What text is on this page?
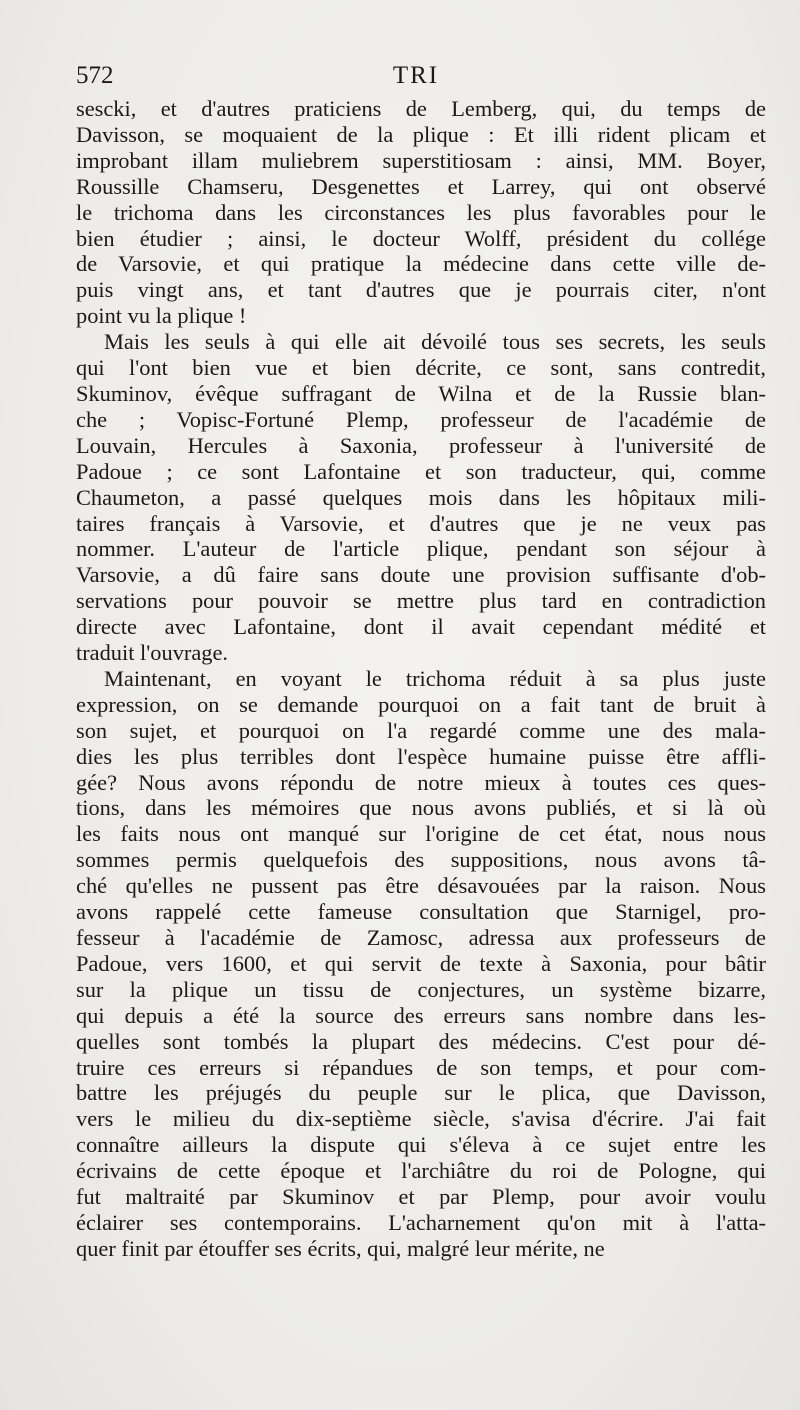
572	TRI

sescki, et d'autres praticiens de Lemberg, qui, du temps de
Davisson, se moquaient de la plique : Et illi rident plicam et
improbant illam muliebrem superstitiosam : ainsi, MM. Boyer,
Roussille Chamseru, Desgenettes et Larrey, qui ont observé
le trichoma dans les circonstances les plus favorables pour le
bien étudier ; ainsi, le docteur Wolff, président du collége
de Varsovie, et qui pratique la médecine dans cette ville de-
puis vingt ans, et tant d'autres que je pourrais citer, n'ont
point vu la plique !

Mais les seuls à qui elle ait dévoilé tous ses secrets, les seuls
qui l'ont bien vue et bien décrite, ce sont, sans contredit,
Skuminov, évêque suffragant de Wilna et de la Russie blan-
che ; Vopisc-Fortuné Plemp, professeur de l'académie de
Louvain, Hercules à Saxonia, professeur à l'université de
Padoue ; ce sont Lafontaine et son traducteur, qui, comme
Chaumeton, a passé quelques mois dans les hôpitaux mili-
taires français à Varsovie, et d'autres que je ne veux pas
nommer. L'auteur de l'article plique, pendant son séjour à
Varsovie, a dû faire sans doute une provision suffisante d'ob-
servations pour pouvoir se mettre plus tard en contradiction
directe avec Lafontaine, dont il avait cependant médité et
traduit l'ouvrage.

Maintenant, en voyant le trichoma réduit à sa plus juste
expression, on se demande pourquoi on a fait tant de bruit à
son sujet, et pourquoi on l'a regardé comme une des mala-
dies les plus terribles dont l'espèce humaine puisse être affli-
gée? Nous avons répondu de notre mieux à toutes ces ques-
tions, dans les mémoires que nous avons publiés, et si là où
les faits nous ont manqué sur l'origine de cet état, nous nous
sommes permis quelquefois des suppositions, nous avons tâ-
ché qu'elles ne pussent pas être désavouées par la raison. Nous
avons rappelé cette fameuse consultation que Starnigel, pro-
fesseur à l'académie de Zamosc, adressa aux professeurs de
Padoue, vers 1600, et qui servit de texte à Saxonia, pour bâtir
sur la plique un tissu de conjectures, un système bizarre,
qui depuis a été la source des erreurs sans nombre dans les-
quelles sont tombés la plupart des médecins. C'est pour dé-
truire ces erreurs si répandues de son temps, et pour com-
battre les préjugés du peuple sur le plica, que Davisson,
vers le milieu du dix-septième siècle, s'avisa d'écrire. J'ai fait
connaître ailleurs la dispute qui s'éleva à ce sujet entre les
écrivains de cette époque et l'archiâtre du roi de Pologne, qui
fut maltraité par Skuminov et par Plemp, pour avoir voulu
éclairer ses contemporains. L'acharnement qu'on mit à l'atta-
quer finit par étouffer ses écrits, qui, malgré leur mérite, ne
